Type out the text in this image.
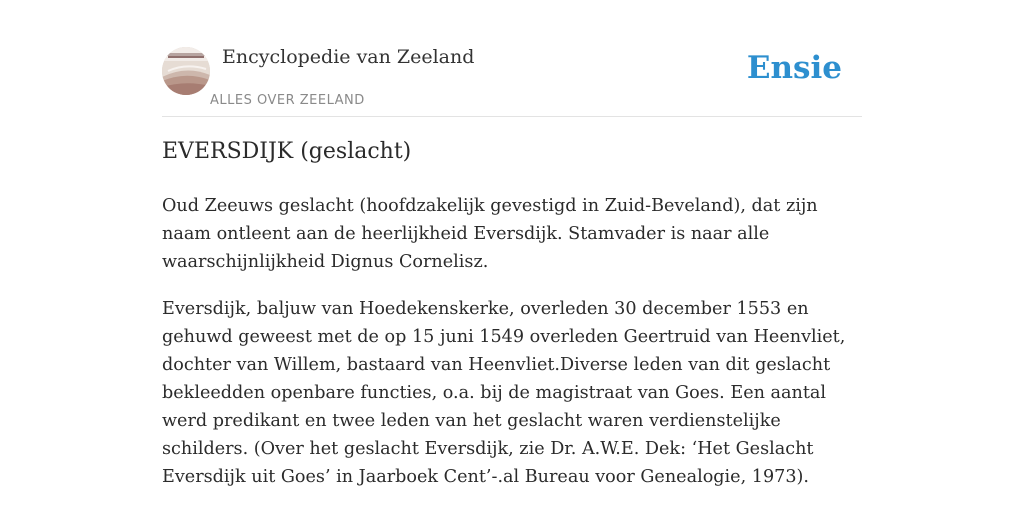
Encyclopedie van Zeeland
ALLES OVER ZEELAND
Ensie
EVERSDIJK (geslacht)

Oud Zeeuws geslacht (hoofdzakelijk gevestigd in Zuid-Beveland), dat zijn naam ontleent aan de heerlijkheid Eversdijk. Stamvader is naar alle waarschijnlijkheid Dignus Cornelisz.

Eversdijk, baljuw van Hoedekenskerke, overleden 30 december 1553 en gehuwd geweest met de op 15 juni 1549 overleden Geertruid van Heenvliet, dochter van Willem, bastaard van Heenvliet.Diverse leden van dit geslacht bekleedden openbare functies, o.a. bij de magistraat van Goes. Een aantal werd predikant en twee leden van het geslacht waren verdienstelijke schilders. (Over het geslacht Eversdijk, zie Dr. A.W.E. Dek: ‘Het Geslacht Eversdijk uit Goes’ in Jaarboek Cent’-.al Bureau voor Genealogie, 1973).
